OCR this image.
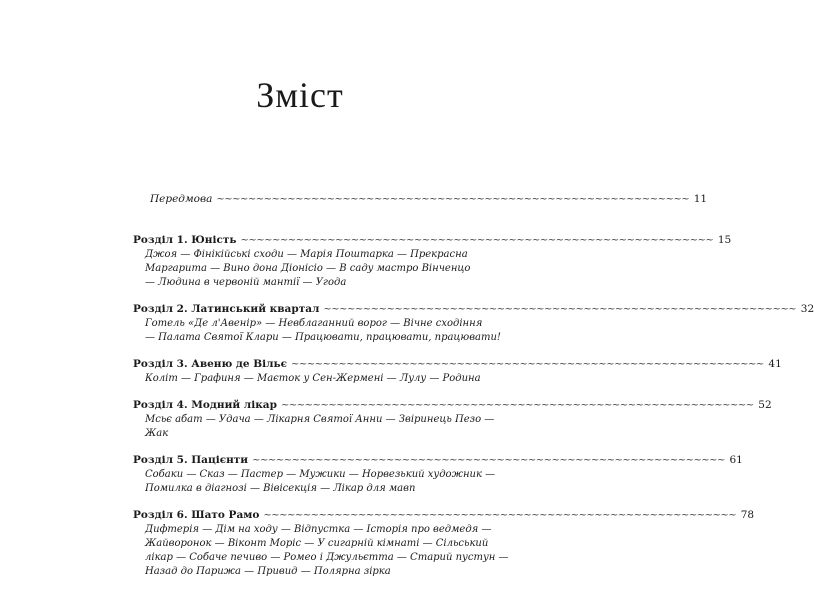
Зміст
Передмова ~~~~~~~~~~~~~~~~~~~~~~~~~~~~~~~~~~~~~~~~~~~~~~~~~~~~~~~~~~~~ 11
Розділ 1. Юність ~~~~~~~~~~~~~~~~~~~~~~~~~~~~~~~~~~~~~~~~~~~~~~~~~~~~~~~~~~~~ 15
Джоя — Фінікійські сходи — Марія Поштарка — Прекрасна
Маргарита — Вино дона Діонісіо — В саду мастро Вінченцо
— Людина в червоній мантії — Угода
Розділ 2. Латинський квартал ~~~~~~~~~~~~~~~~~~~~~~~~~~~~~~~~~~~~~~~~~~~~~~~~~~~~~~~~~~~~ 32
Готель «Де л'Авенір» — Невблаганний ворог — Вічне сходіння
— Палата Святої Клари — Працювати, працювати, працювати!
Розділ 3. Авеню де Вільє ~~~~~~~~~~~~~~~~~~~~~~~~~~~~~~~~~~~~~~~~~~~~~~~~~~~~~~~~~~~~ 41
Колiт — Графиня — Маєток у Сен-Жермені — Лулу — Родина
Розділ 4. Модний лікар ~~~~~~~~~~~~~~~~~~~~~~~~~~~~~~~~~~~~~~~~~~~~~~~~~~~~~~~~~~~~ 52
Мсьє абат — Удача — Лікарня Святої Анни — Звіринець Пезо —
Жак
Розділ 5. Пацієнти ~~~~~~~~~~~~~~~~~~~~~~~~~~~~~~~~~~~~~~~~~~~~~~~~~~~~~~~~~~~~ 61
Собаки — Сказ — Пастер — Мужики — Норвезький художник —
Помилка в діагнозі — Вівісекція — Лікар для мавп
Розділ 6. Шато Рамо ~~~~~~~~~~~~~~~~~~~~~~~~~~~~~~~~~~~~~~~~~~~~~~~~~~~~~~~~~~~~ 78
Дифтерія — Дім на ходу — Відпустка — Історія про ведмедя —
Жайворонок — Віконт Моріс — У сигарній кімнаті — Сільський
лікар — Собаче печиво — Ромео і Джульєтта — Старий пустун —
Назад до Парижа — Привид — Полярна зірка
